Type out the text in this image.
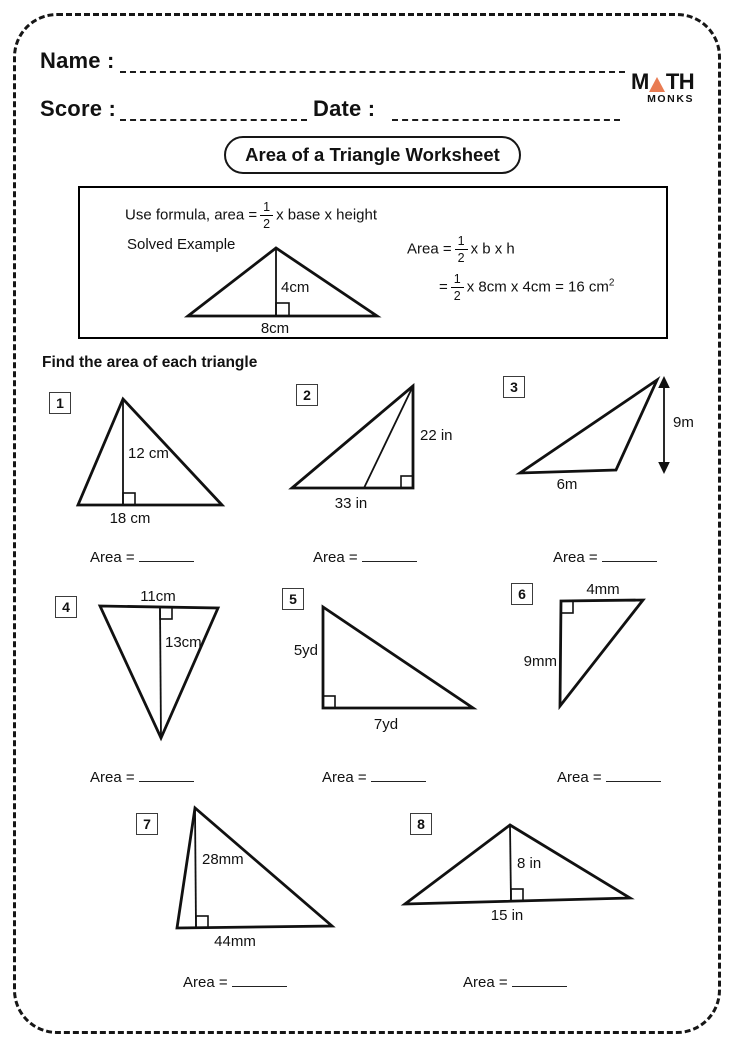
Name :
Score :	Date :
M TH
MONKS
Area of a Triangle Worksheet
Use formula, area = $\frac{1}{2}$ x base x height
Solved Example	Area = $\frac{1}{2}$ x b x h
= $\frac{1}{2}$ x 8cm x 4cm = 16 $cm^2$
4cm
8cm
Find the area of each triangle
1
12 cm
18 cm
Area =
2
22 in
33 in
Area =
3
9m
6m
Area =
4
11cm
13cm
Area =
5
5yd
7yd
Area =
6	4mm
9mm
Area =
7
28mm
44mm
Area =
8
8 in
15 in
Area =
